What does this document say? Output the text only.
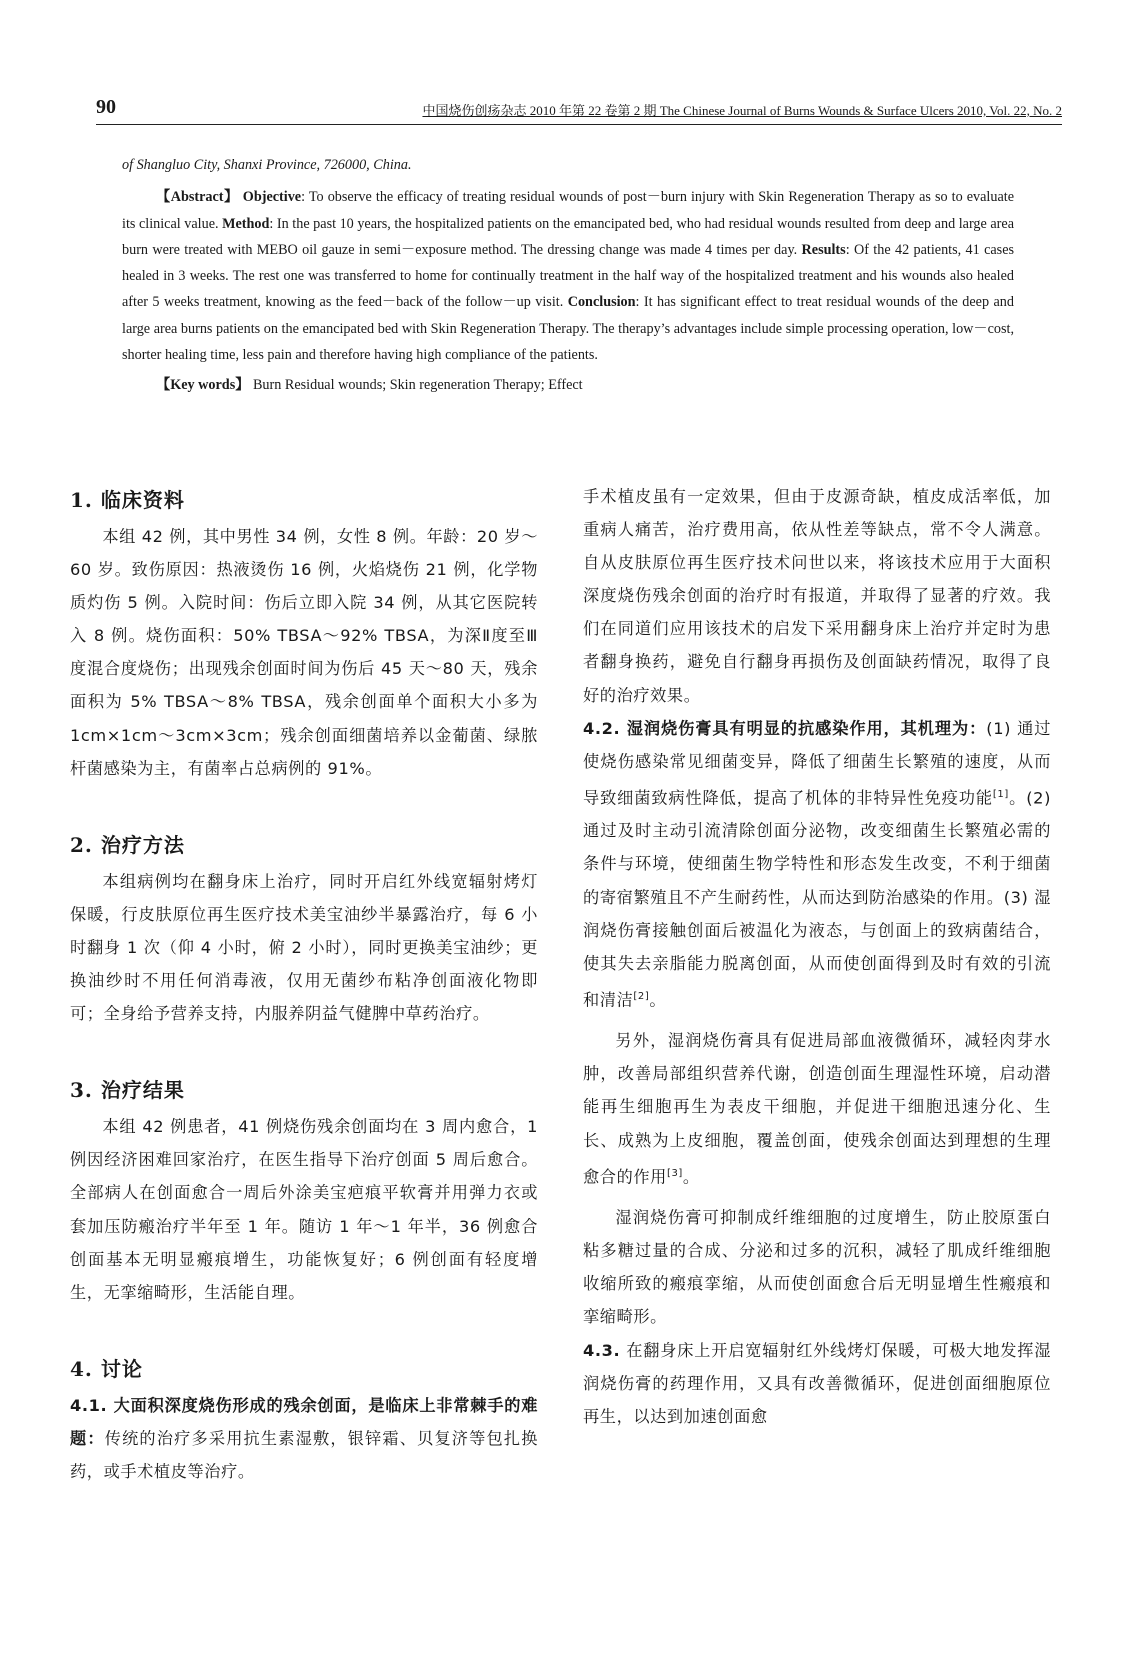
90	中国烧伤创疡杂志 2010 年第 22 卷第 2 期 The Chinese Journal of Burns Wounds & Surface Ulcers 2010, Vol. 22, No. 2

of Shangluo City, Shanxi Province, 726000, China.

【Abstract】 Objective: To observe the efficacy of treating residual wounds of post－burn injury with Skin Regeneration Therapy as so to evaluate its clinical value. Method: In the past 10 years, the hospitalized patients on the emancipated bed, who had residual wounds resulted from deep and large area burn were treated with MEBO oil gauze in semi－exposure method. The dressing change was made 4 times per day. Results: Of the 42 patients, 41 cases healed in 3 weeks. The rest one was transferred to home for continually treatment in the half way of the hospitalized treatment and his wounds also healed after 5 weeks treatment, knowing as the feed－back of the follow－up visit. Conclusion: It has significant effect to treat residual wounds of the deep and large area burns patients on the emancipated bed with Skin Regeneration Therapy. The therapy’s advantages include simple processing operation, low－cost, shorter healing time, less pain and therefore having high compliance of the patients.

【Key words】 Burn Residual wounds; Skin regeneration Therapy; Effect

1. 临床资料

本组 42 例，其中男性 34 例，女性 8 例。年龄：20 岁～60 岁。致伤原因：热液烫伤 16 例，火焰烧伤 21 例，化学物质灼伤 5 例。入院时间：伤后立即入院 34 例，从其它医院转入 8 例。烧伤面积：50% TBSA～92% TBSA，为深Ⅱ度至Ⅲ度混合度烧伤；出现残余创面时间为伤后 45 天～80 天，残余面积为 5% TBSA～8% TBSA，残余创面单个面积大小多为 1cm×1cm～3cm×3cm；残余创面细菌培养以金葡菌、绿脓杆菌感染为主，有菌率占总病例的 91%。

2. 治疗方法

本组病例均在翻身床上治疗，同时开启红外线宽辐射烤灯保暖，行皮肤原位再生医疗技术美宝油纱半暴露治疗，每 6 小时翻身 1 次（仰 4 小时，俯 2 小时），同时更换美宝油纱；更换油纱时不用任何消毒液，仅用无菌纱布粘净创面液化物即可；全身给予营养支持，内服养阴益气健脾中草药治疗。

3. 治疗结果

本组 42 例患者，41 例烧伤残余创面均在 3 周内愈合，1 例因经济困难回家治疗，在医生指导下治疗创面 5 周后愈合。全部病人在创面愈合一周后外涂美宝疤痕平软膏并用弹力衣或套加压防瘢治疗半年至 1 年。随访 1 年～1 年半，36 例愈合创面基本无明显瘢痕增生，功能恢复好；6 例创面有轻度增生，无挛缩畸形，生活能自理。

4. 讨论

4.1. 大面积深度烧伤形成的残余创面，是临床上非常棘手的难题：传统的治疗多采用抗生素湿敷，银锌霜、贝复济等包扎换药，或手术植皮等治疗。

手术植皮虽有一定效果，但由于皮源奇缺，植皮成活率低，加重病人痛苦，治疗费用高，依从性差等缺点，常不令人满意。自从皮肤原位再生医疗技术问世以来，将该技术应用于大面积深度烧伤残余创面的治疗时有报道，并取得了显著的疗效。我们在同道们应用该技术的启发下采用翻身床上治疗并定时为患者翻身换药，避免自行翻身再损伤及创面缺药情况，取得了良好的治疗效果。

4.2. 湿润烧伤膏具有明显的抗感染作用，其机理为：(1) 通过使烧伤感染常见细菌变异，降低了细菌生长繁殖的速度，从而导致细菌致病性降低，提高了机体的非特异性免疫功能[1]。(2) 通过及时主动引流清除创面分泌物，改变细菌生长繁殖必需的条件与环境，使细菌生物学特性和形态发生改变，不利于细菌的寄宿繁殖且不产生耐药性，从而达到防治感染的作用。(3) 湿润烧伤膏接触创面后被温化为液态，与创面上的致病菌结合，使其失去亲脂能力脱离创面，从而使创面得到及时有效的引流和清洁[2]。

另外，湿润烧伤膏具有促进局部血液微循环，减轻肉芽水肿，改善局部组织营养代谢，创造创面生理湿性环境，启动潜能再生细胞再生为表皮干细胞，并促进干细胞迅速分化、生长、成熟为上皮细胞，覆盖创面，使残余创面达到理想的生理愈合的作用[3]。

湿润烧伤膏可抑制成纤维细胞的过度增生，防止胶原蛋白粘多糖过量的合成、分泌和过多的沉积，减轻了肌成纤维细胞收缩所致的瘢痕挛缩，从而使创面愈合后无明显增生性瘢痕和挛缩畸形。

4.3. 在翻身床上开启宽辐射红外线烤灯保暖，可极大地发挥湿润烧伤膏的药理作用，又具有改善微循环，促进创面细胞原位再生，以达到加速创面愈
